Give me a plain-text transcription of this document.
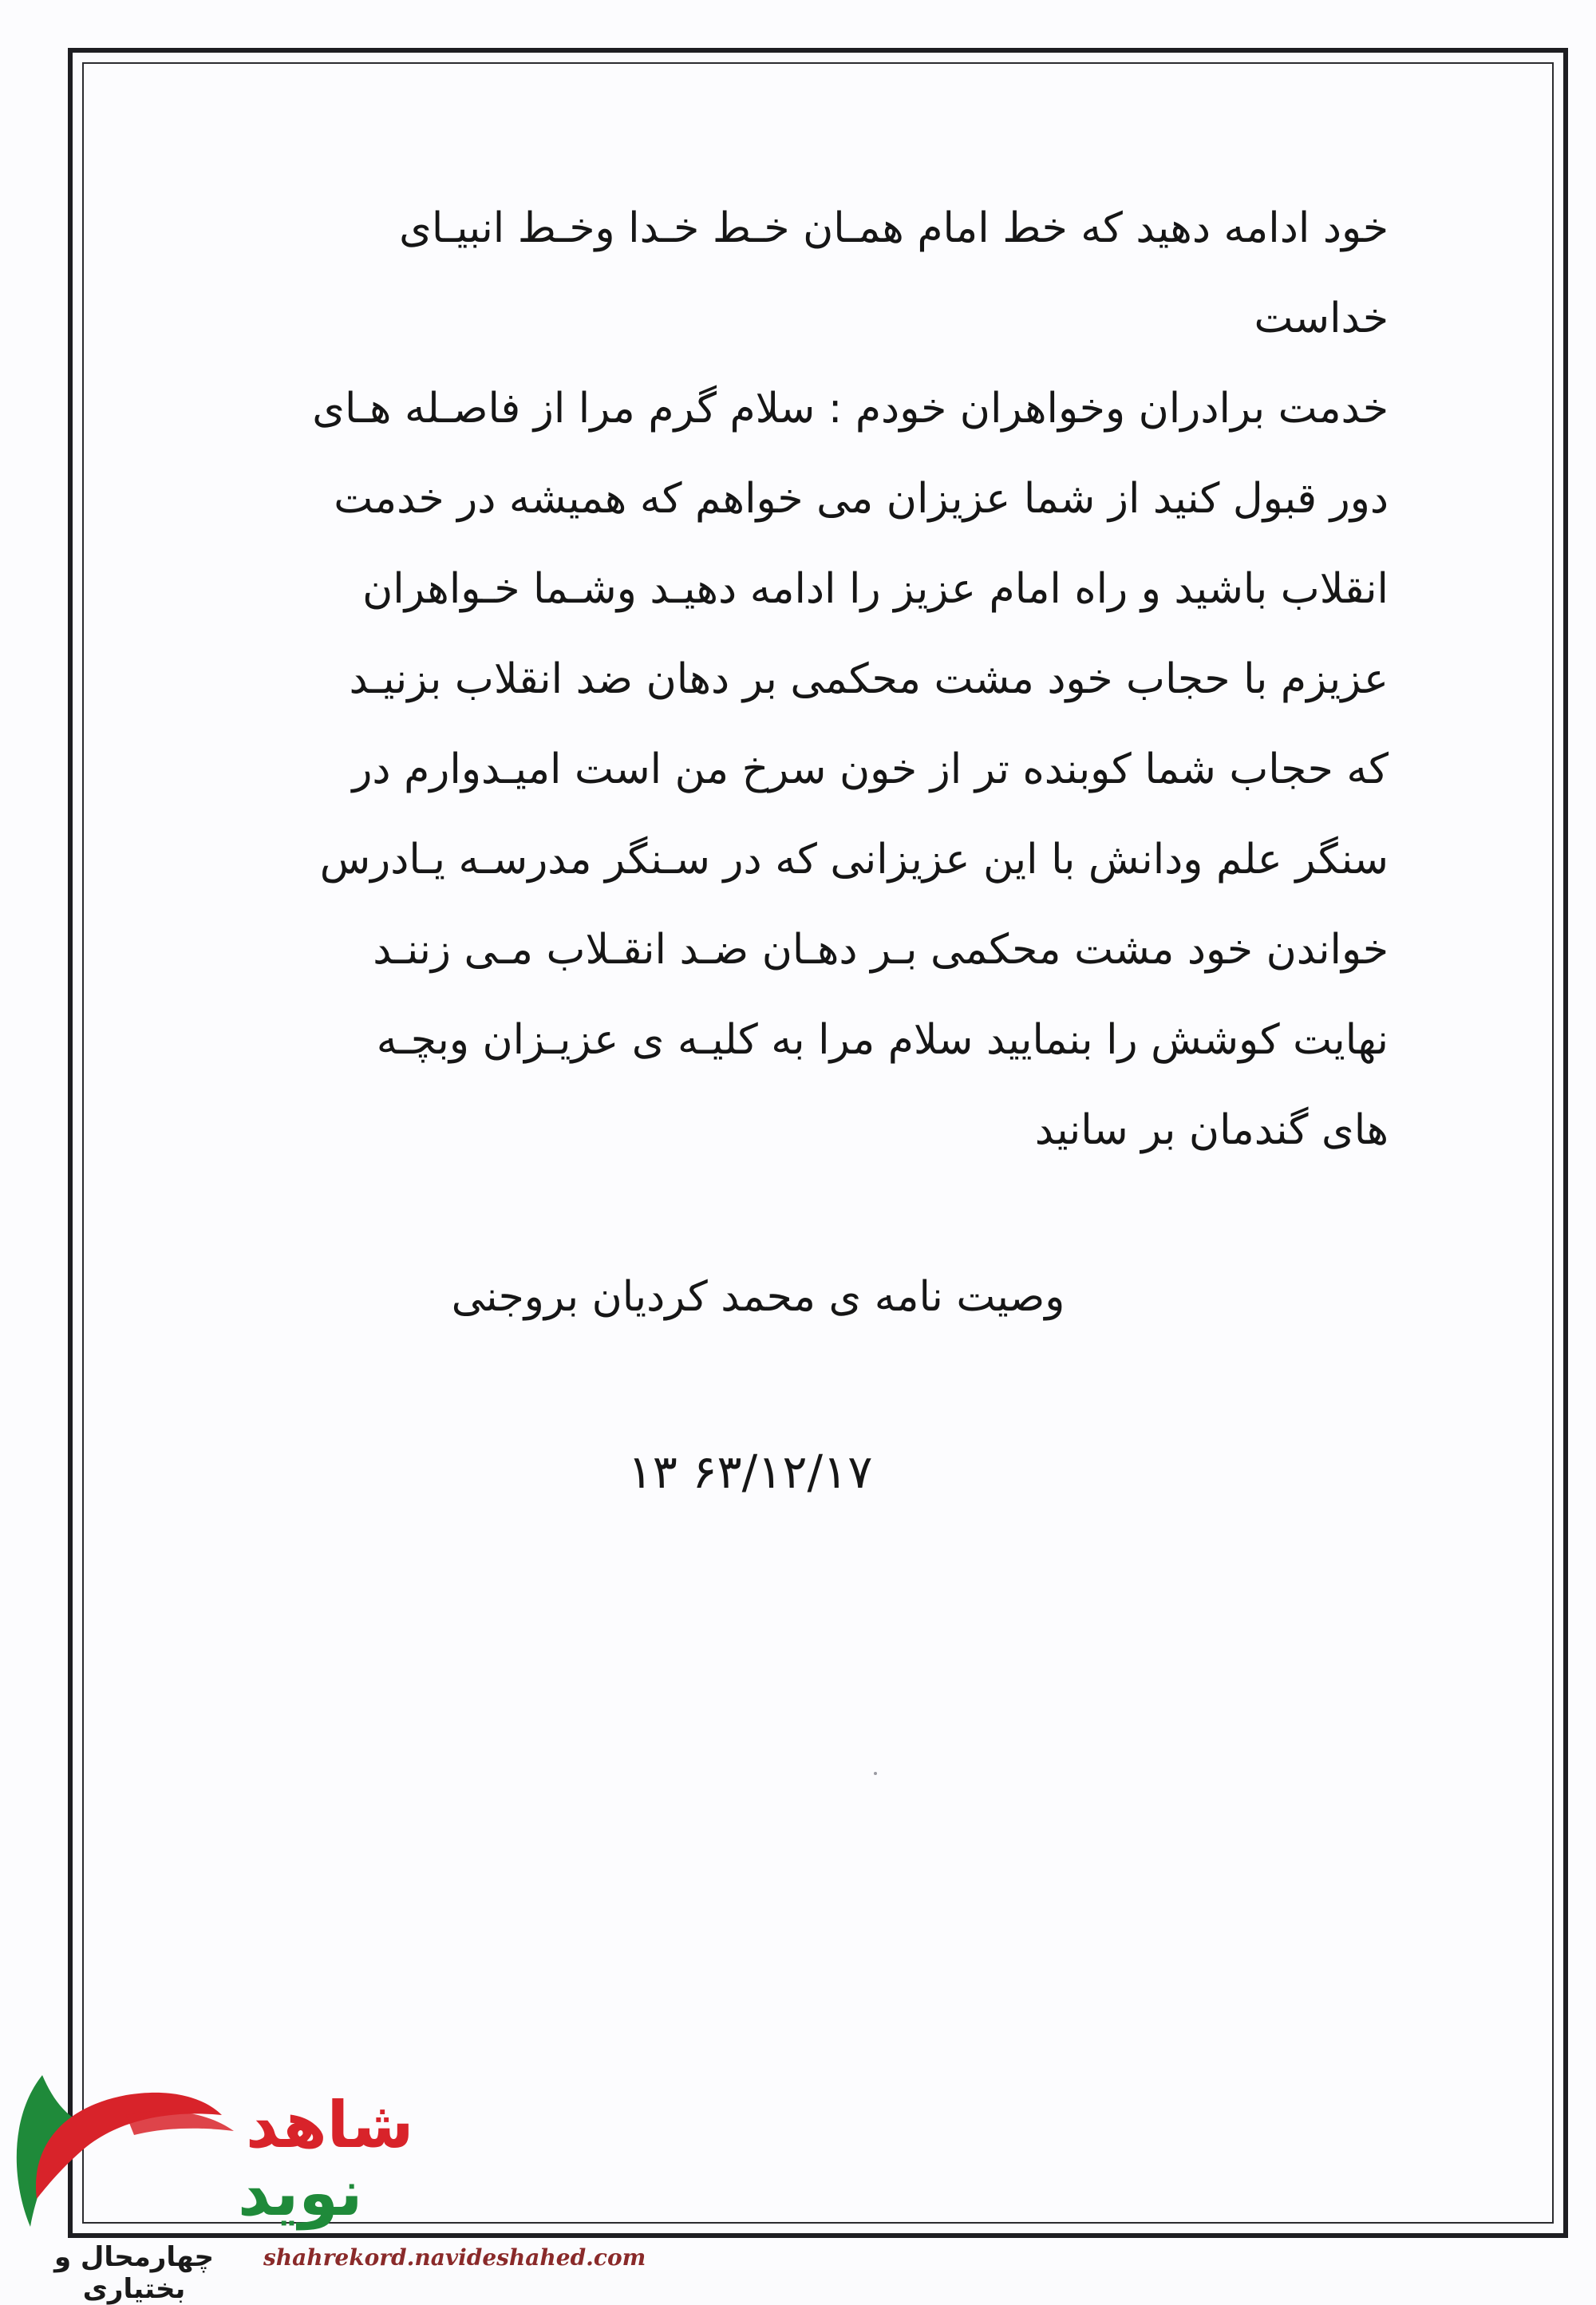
خود ادامه دهید که خط امام همـان خـط خـدا وخـط انبیـای
خداست
خدمت برادران وخواهران خودم : سلام گرم مرا از فاصـله هـای
دور قبول کنید از شما عزیزان می خواهم که همیشه در خدمت
انقلاب باشید و راه امام عزیز را ادامه دهیـد وشـما خـواهران
عزیزم با حجاب خود مشت محکمی بر دهان ضد انقلاب بزنیـد
که حجاب شما کوبنده تر از خون سرخ من است امیـدوارم در
سنگر علم ودانش با این عزیزانی که در سـنگر مدرسـه یـادرس
خواندن خود مشت محکمی بـر دهـان ضـد انقـلاب مـی زننـد
نهایت کوشش را بنمایید سلام مرا به کلیـه ی عزیـزان وبچـه
های گندمان بر سانید
وصیت نامه ی محمد کردیان بروجنی
۱۳ ۶۳/۱۲/۱۷
شاهد
نوید
چهارمحال و بختیاری
shahrekord.navideshahed.com
